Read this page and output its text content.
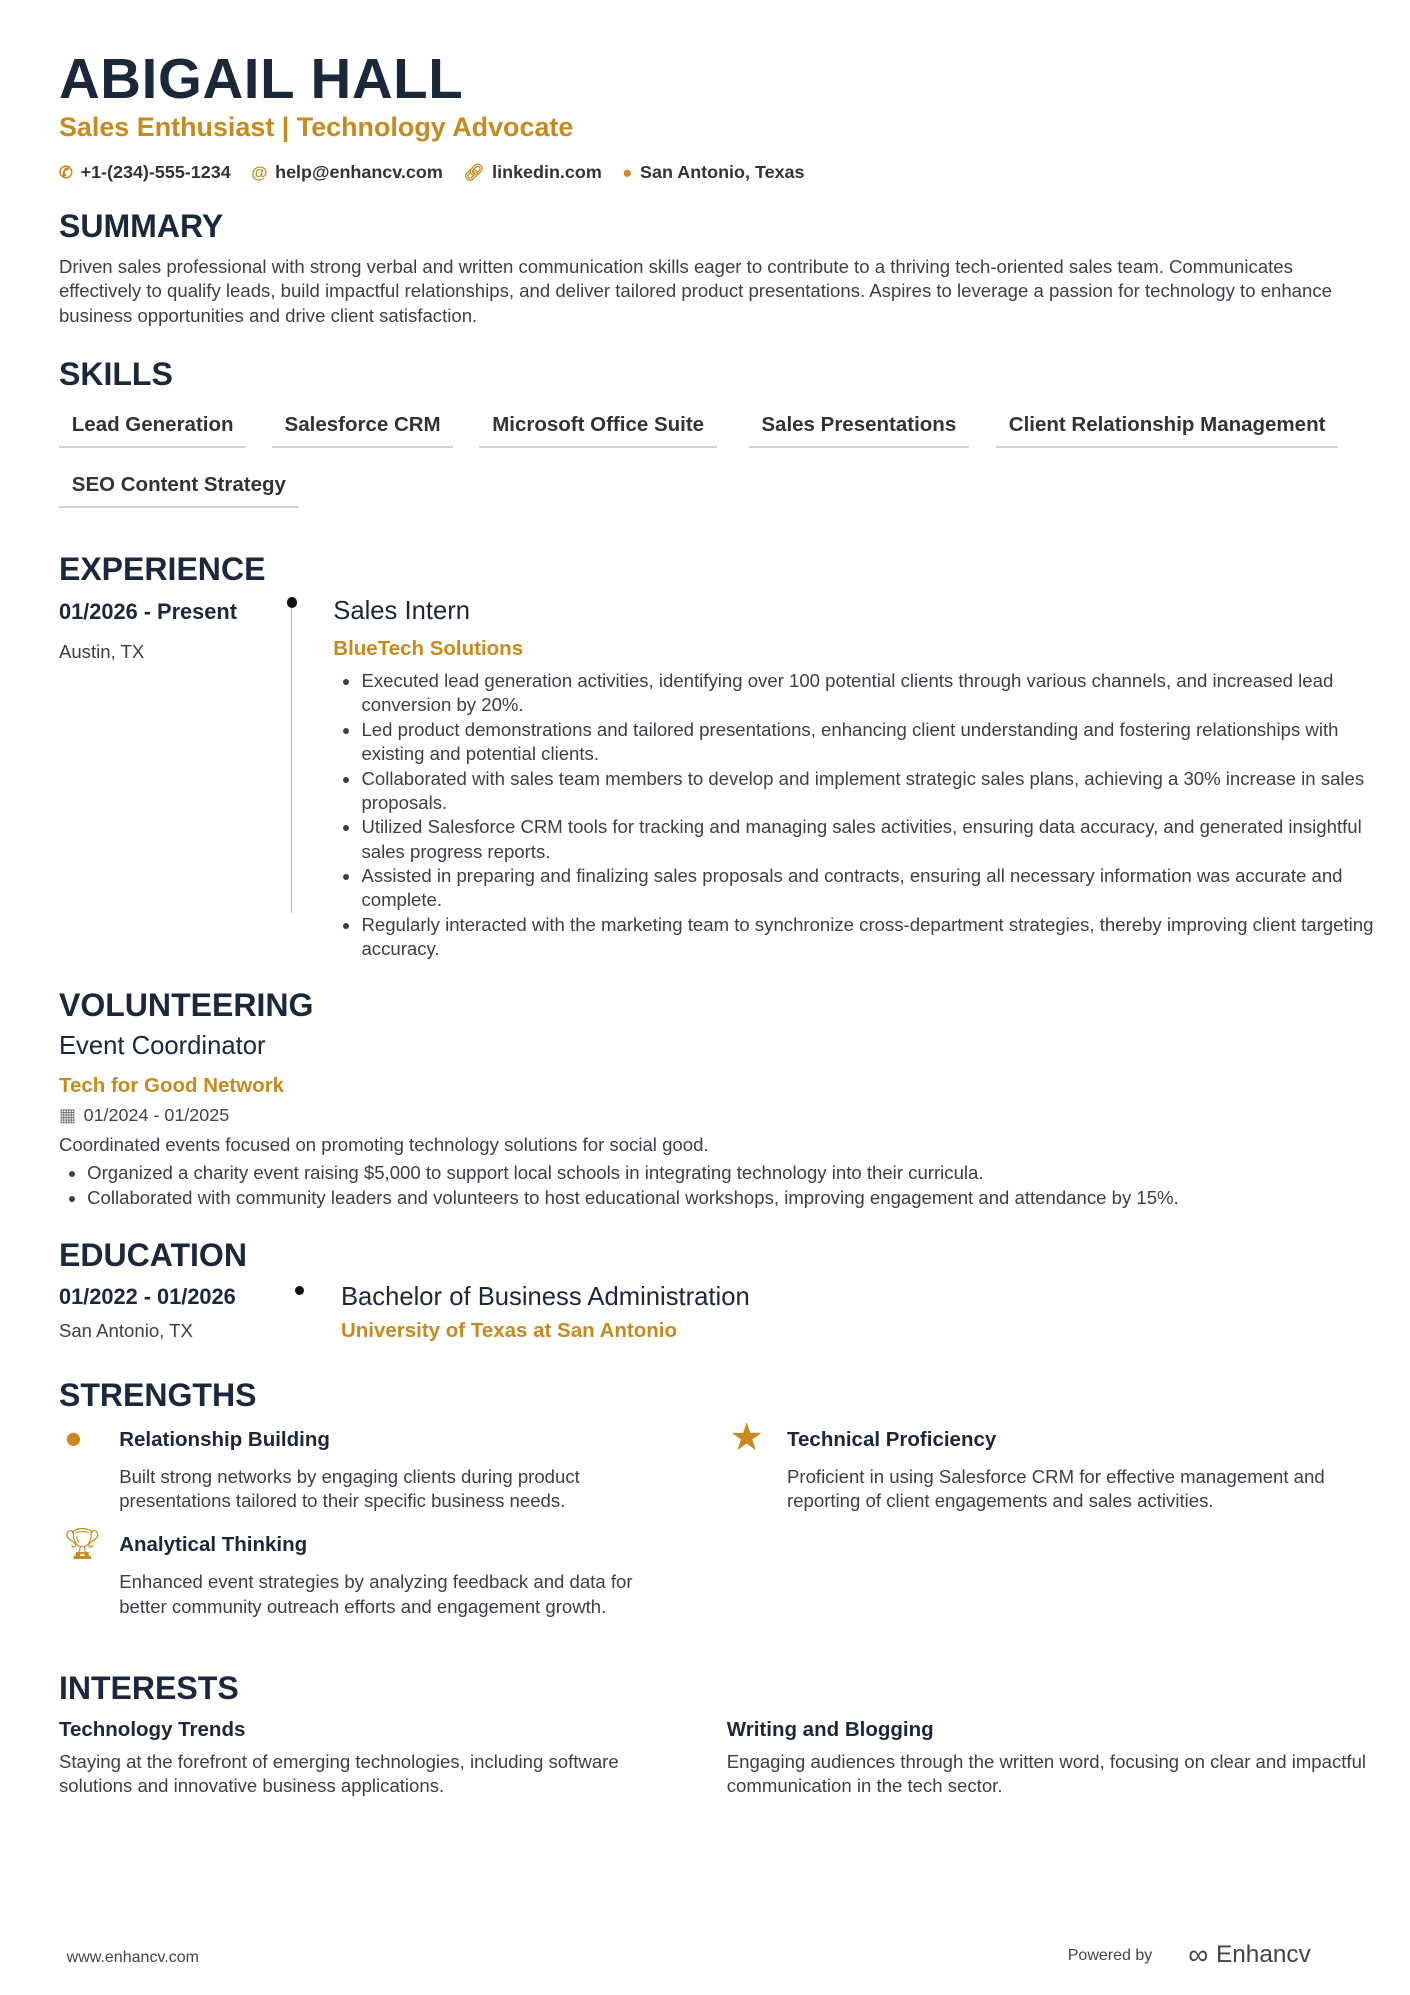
ABIGAIL HALL
Sales Enthusiast | Technology Advocate
✆ +1-(234)-555-1234 @ help@enhancv.com 🔗︎ linkedin.com ● San Antonio, Texas
SUMMARY
Driven sales professional with strong verbal and written communication skills eager to contribute to a thriving tech-oriented sales team. Communicates effectively to qualify leads, build impactful relationships, and deliver tailored product presentations. Aspires to leverage a passion for technology to enhance business opportunities and drive client satisfaction.
SKILLS
Lead Generation	Salesforce CRM	Microsoft Office Suite	Sales Presentations	Client Relationship Management
SEO Content Strategy
EXPERIENCE
01/2026 - Present
Austin, TX
Sales Intern
BlueTech Solutions
• Executed lead generation activities, identifying over 100 potential clients through various channels, and increased lead conversion by 20%.
• Led product demonstrations and tailored presentations, enhancing client understanding and fostering relationships with existing and potential clients.
• Collaborated with sales team members to develop and implement strategic sales plans, achieving a 30% increase in sales proposals.
• Utilized Salesforce CRM tools for tracking and managing sales activities, ensuring data accuracy, and generated insightful sales progress reports.
• Assisted in preparing and finalizing sales proposals and contracts, ensuring all necessary information was accurate and complete.
• Regularly interacted with the marketing team to synchronize cross-department strategies, thereby improving client targeting accuracy.
VOLUNTEERING
Event Coordinator
Tech for Good Network
▦ 01/2024 - 01/2025
Coordinated events focused on promoting technology solutions for social good.
• Organized a charity event raising $5,000 to support local schools in integrating technology into their curricula.
• Collaborated with community leaders and volunteers to host educational workshops, improving engagement and attendance by 15%.
EDUCATION
01/2022 - 01/2026
San Antonio, TX
Bachelor of Business Administration
University of Texas at San Antonio
STRENGTHS
● Relationship Building
Built strong networks by engaging clients during product presentations tailored to their specific business needs.
★ Technical Proficiency
Proficient in using Salesforce CRM for effective management and reporting of client engagements and sales activities.
🏆︎ Analytical Thinking
Enhanced event strategies by analyzing feedback and data for better community outreach efforts and engagement growth.
INTERESTS
Technology Trends
Staying at the forefront of emerging technologies, including software solutions and innovative business applications.
Writing and Blogging
Engaging audiences through the written word, focusing on clear and impactful communication in the tech sector.
www.enhancv.com	Powered by ∞ Enhancv
